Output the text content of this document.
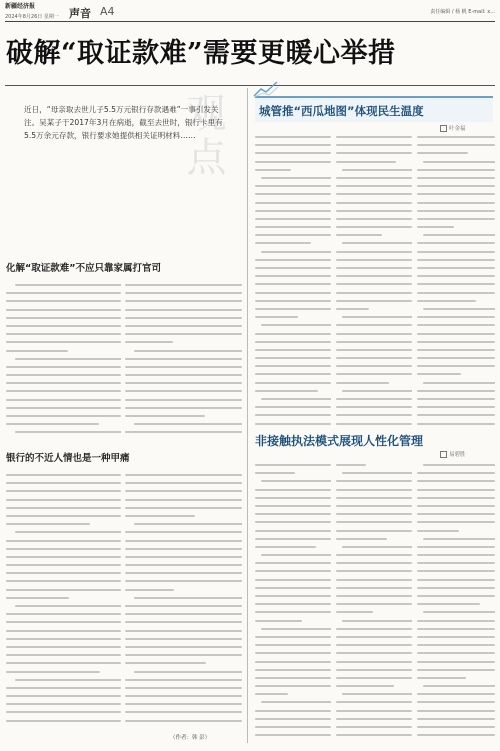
新疆经济报
2024年8月26日 星期一 声音 A4	责任编辑 / 杨 帆 E-mail: x...
破解“取证款难”需要更暖心举措
观点
近日，“母亲取去世儿子5.5万元银行存款遇难”一事引发关注。吴某子于2017年3月在病逝，截至去世时，银行卡里有5.5万余元存款，银行要求她提供相关证明材料……
化解“取证款难”不应只靠家属打官司
银行的不近人情也是一种甲痛
（作者：韩 彭）
城管推“西瓜地图”体现民生温度
叶金福
非接触执法模式展现人性化管理
易碧胜
